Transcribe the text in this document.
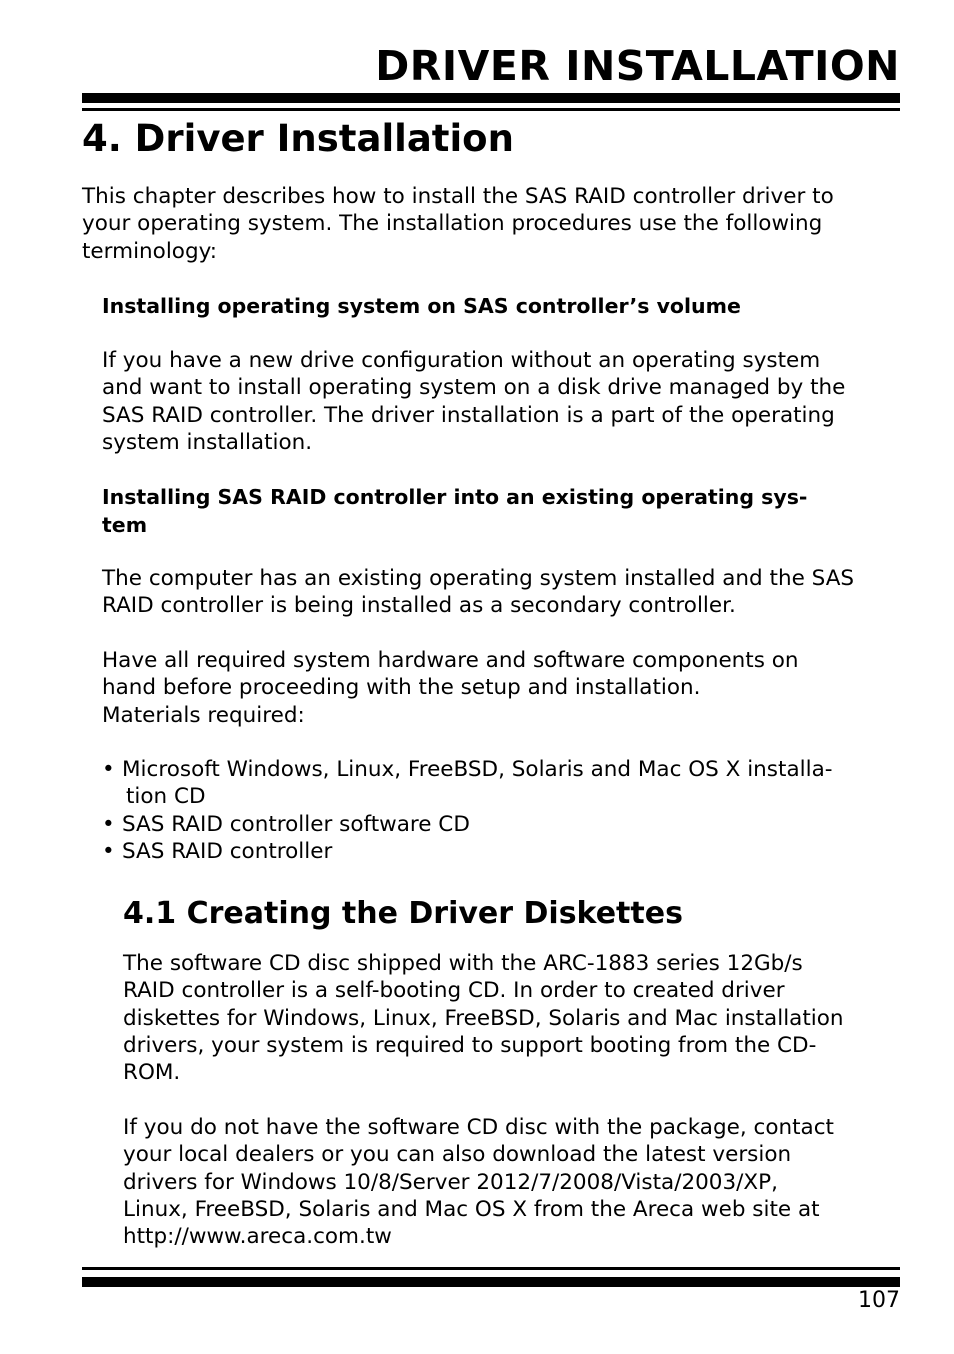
DRIVER INSTALLATION
4. Driver Installation

This chapter describes how to install the SAS RAID controller driver to
your operating system. The installation procedures use the following
terminology:

Installing operating system on SAS controller’s volume

If you have a new drive configuration without an operating system
and want to install operating system on a disk drive managed by the
SAS RAID controller. The driver installation is a part of the operating
system installation.

Installing SAS RAID controller into an existing operating sys-
tem

The computer has an existing operating system installed and the SAS
RAID controller is being installed as a secondary controller.

Have all required system hardware and software components on
hand before proceeding with the setup and installation.
Materials required:

• Microsoft Windows, Linux, FreeBSD, Solaris and Mac OS X installa-
tion CD
• SAS RAID controller software CD
• SAS RAID controller
4.1 Creating the Driver Diskettes

The software CD disc shipped with the ARC-1883 series 12Gb/s
RAID controller is a self-booting CD. In order to created driver
diskettes for Windows, Linux, FreeBSD, Solaris and Mac installation
drivers, your system is required to support booting from the CD-
ROM.

If you do not have the software CD disc with the package, contact
your local dealers or you can also download the latest version
drivers for Windows 10/8/Server 2012/7/2008/Vista/2003/XP,
Linux, FreeBSD, Solaris and Mac OS X from the Areca web site at
http://www.areca.com.tw

107
